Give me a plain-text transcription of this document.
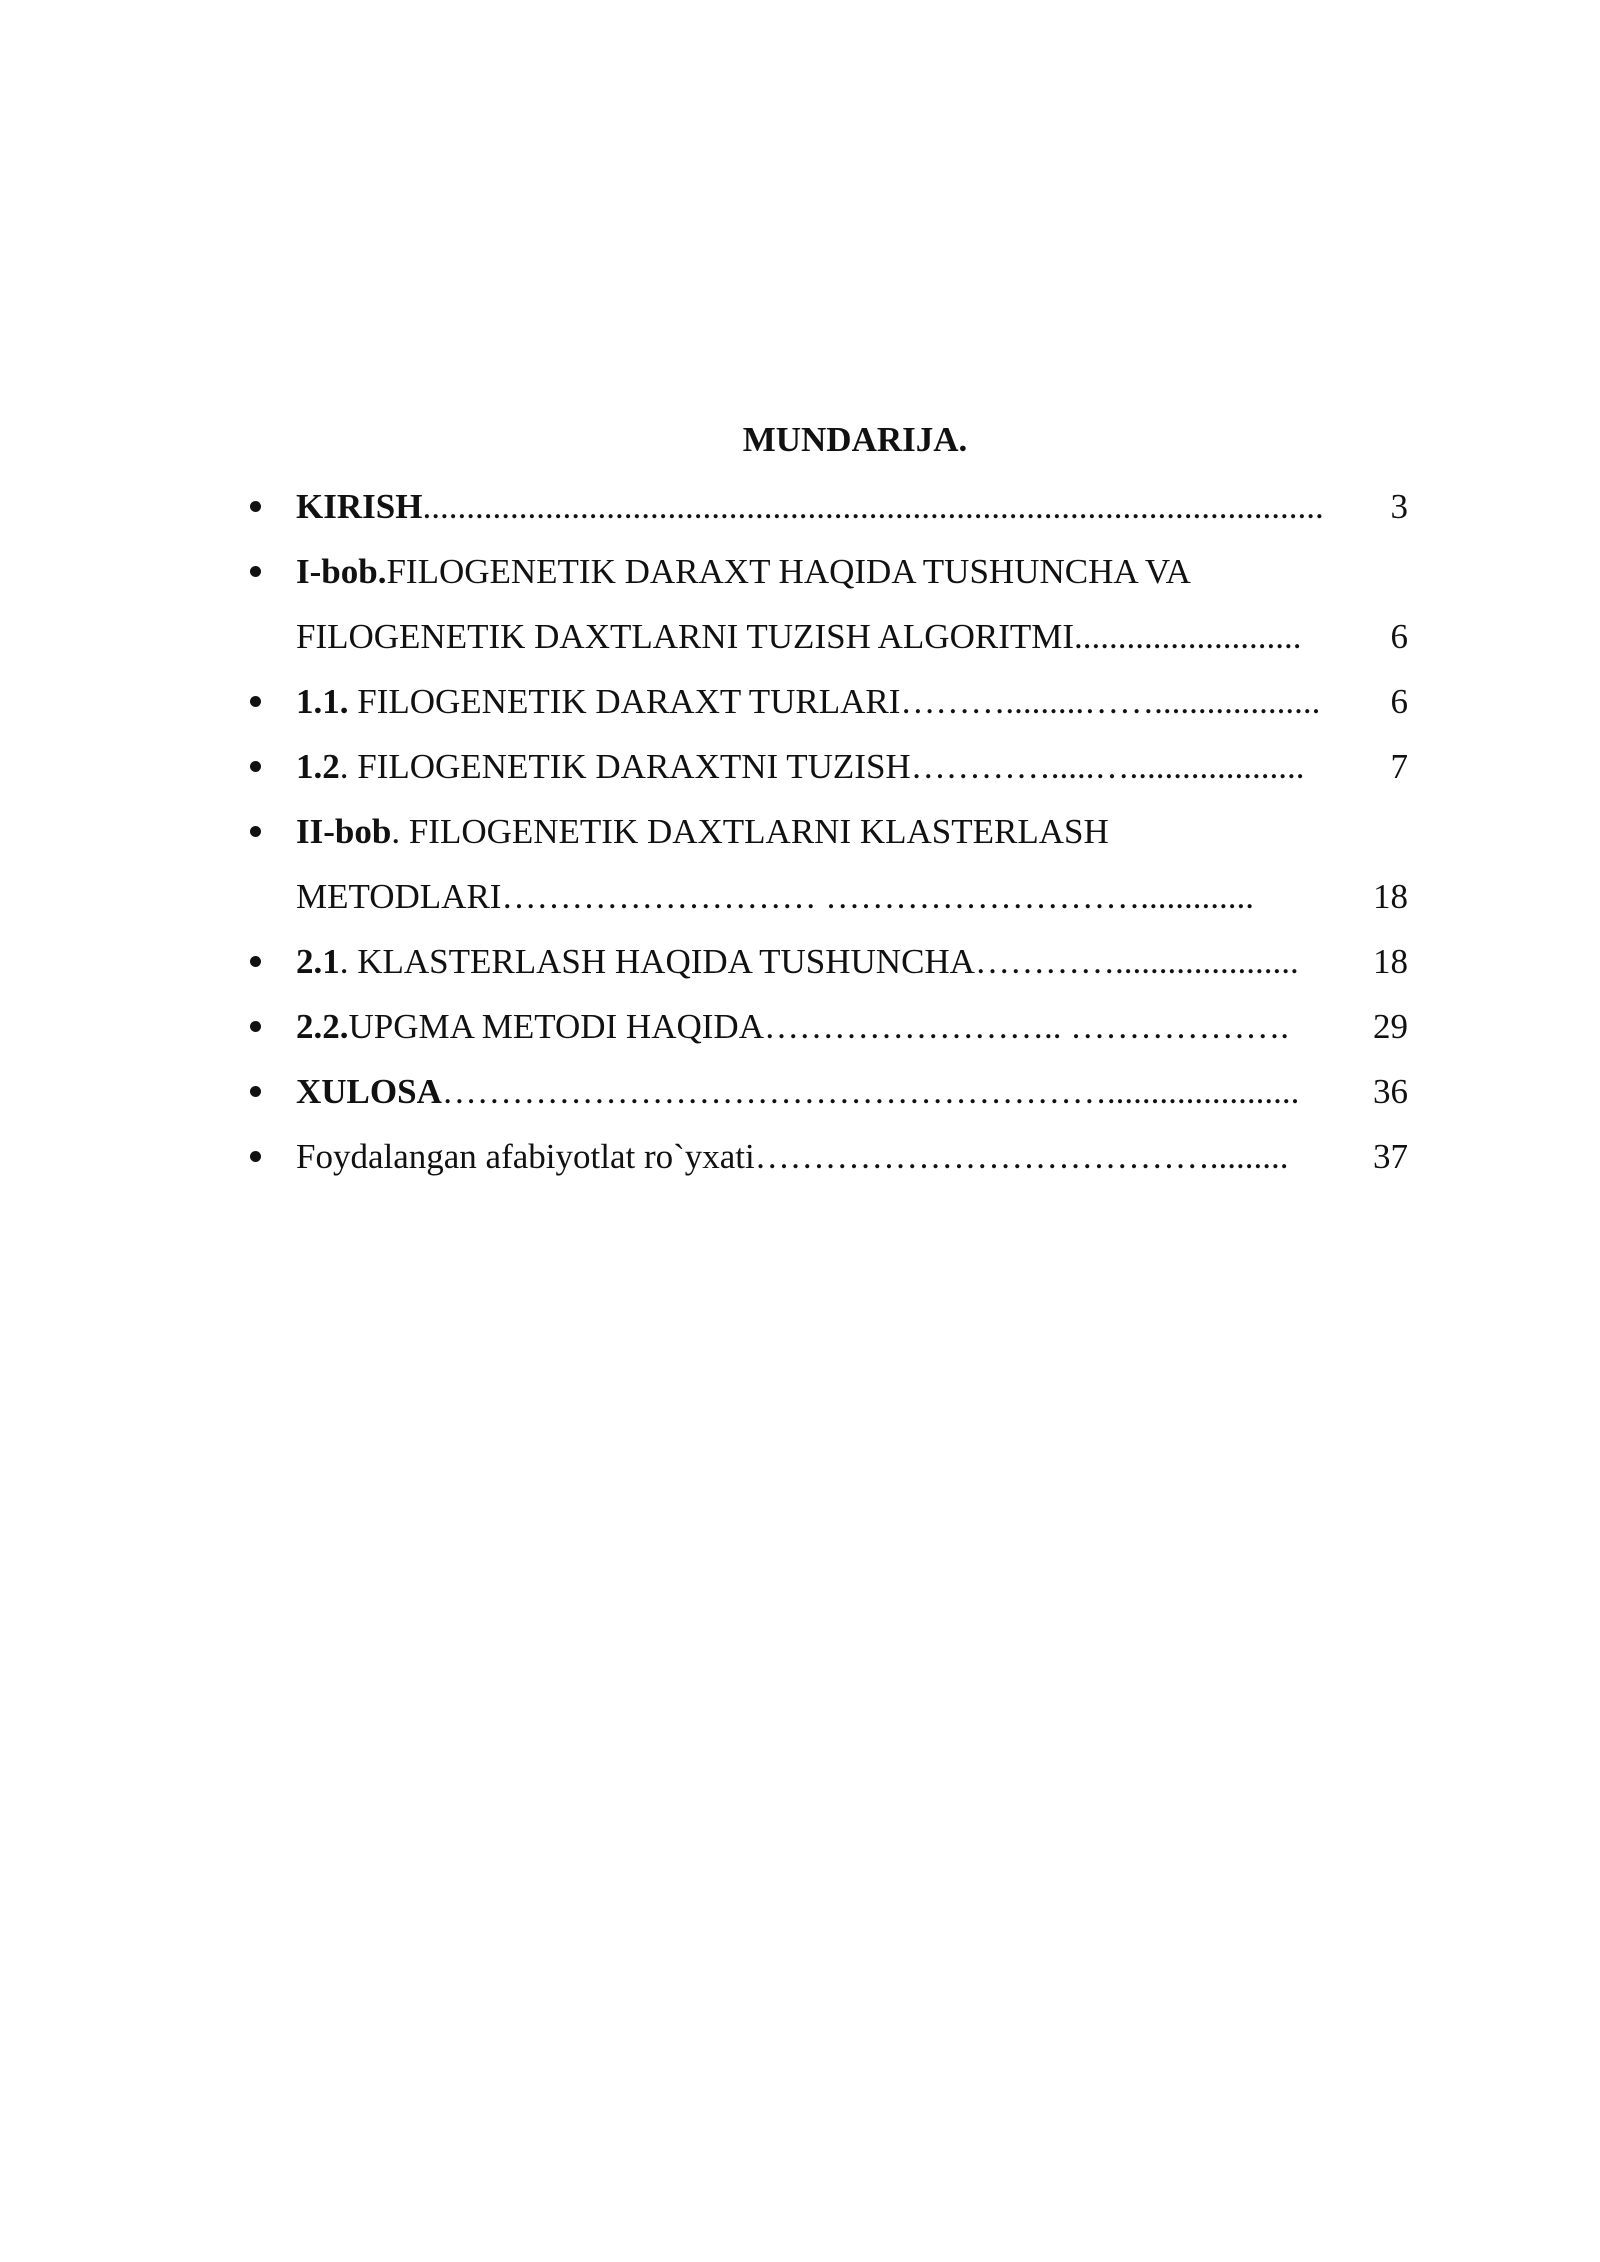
MUNDARIJA.
KIRISH....................................................................................................... 3
I-bob.FILOGENETIK DARAXT HAQIDA TUSHUNCHA VA
FILOGENETIK DAXTLARNI TUZISH ALGORITMI..........................	6
1.1. FILOGENETIK DARAXT TURLARI……….........……................... 6
1.2. FILOGENETIK DARAXTNI TUZISH………….....….................... 7
II-bob. FILOGENETIK DAXTLARNI KLASTERLASH
METODLARI……………………… ……………………….............	18
2.1. KLASTERLASH HAQIDA TUSHUNCHA…………..................... 18
2.2.UPGMA METODI HAQIDA…………………….. ………………. 29
XULOSA…………………………………………………...................... 36
Foydalangan afabiyotlat ro`yxati…………………………………......... 37
